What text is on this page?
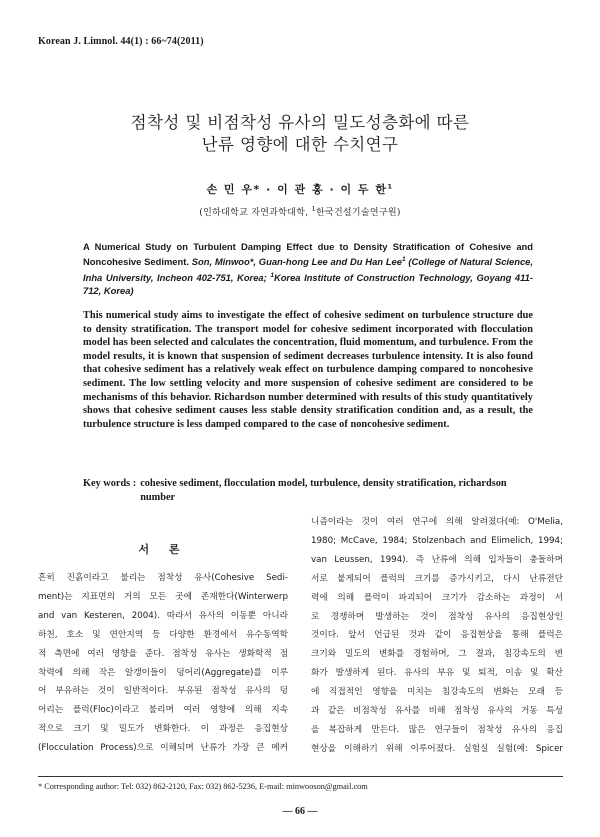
Korean J. Limnol. 44(1) : 66~74(2011)
점착성 및 비점착성 유사의 밀도성층화에 따른
난류 영향에 대한 수치연구
손 민 우* · 이 관 홍 · 이 두 한$^1$
(인하대학교 자연과학대학, $^1$한국건설기술연구원)
A Numerical Study on Turbulent Damping Effect due to Density Stratification of Cohesive and Noncohesive Sediment. Son, Minwoo*, Guan-hong Lee and Du Han Lee$^1$ (College of Natural Science, Inha University, Incheon 402-751, Korea; $^1$Korea Institute of Construction Technology, Goyang 411-712, Korea)
This numerical study aims to investigate the effect of cohesive sediment on turbulence structure due to density stratification. The transport model for cohesive sediment incorporated with flocculation model has been selected and calculates the concentration, fluid momentum, and turbulence. From the model results, it is known that suspension of sediment decreases turbulence intensity. It is also found that cohesive sediment has a relatively weak effect on turbulence damping compared to noncohesive sediment. The low settling velocity and more suspension of cohesive sediment are considered to be mechanisms of this behavior. Richardson number determined with results of this study quantitatively shows that cohesive sediment causes less stable density stratification condition and, as a result, the turbulence structure is less damped compared to the case of noncohesive sediment.
Key words : cohesive sediment, flocculation model, turbulence, density stratification, richardson number
서 론
흔히 진흙이라고 불리는 점착성 유사(Cohesive Sedi-
ment)는 지표면의 거의 모든 곳에 존재한다(Winterwerp
and van Kesteren, 2004). 따라서 유사의 이동뿐 아니라
하천, 호소 및 연안지역 등 다양한 환경에서 유수동역학
적 측면에 여러 영향을 준다. 점착성 유사는 생화학적 점
착력에 의해 작은 알갱이들이 덩어리(Aggregate)를 이루
어 부유하는 것이 일반적이다. 부유된 점착성 유사의 덩
어리는 플럭(Floc)이라고 불리며 여러 영향에 의해 지속
적으로 크기 및 밀도가 변화한다. 이 과정은 응집현상
(Flocculation Process)으로 이해되며 난류가 가장 큰 메커
니즘이라는 것이 여러 연구에 의해 알려졌다(예: O'Melia,
1980; McCave, 1984; Stolzenbach and Elimelich, 1994;
van Leussen, 1994). 즉 난류에 의해 입자들이 충돌하며
서로 붙게되어 플럭의 크기를 증가시키고, 다시 난류전단
력에 의해 플럭이 파괴되어 크기가 감소하는 과정이 서
로 경쟁하며 발생하는 것이 점착성 유사의 응집현상인
것이다. 앞서 언급된 것과 같이 응집현상을 통해 플럭은
크기와 밀도의 변화를 경험하며, 그 결과, 침강속도의 변
화가 발생하게 된다. 유사의 부유 및 퇴적, 이송 및 확산
에 직접적인 영향을 미치는 침강속도의 변화는 모래 등
과 같은 비점착성 유사를 비해 점착성 유사의 거동 특성
을 복잡하게 만든다. 많은 연구들이 점착성 유사의 응집
현상을 이해하기 위해 이루어졌다. 실험실 실험(예: Spicer
* Corresponding author: Tel: 032) 862-2120, Fax: 032) 862-5236, E-mail: minwooson@gmail.com
— 66 —
